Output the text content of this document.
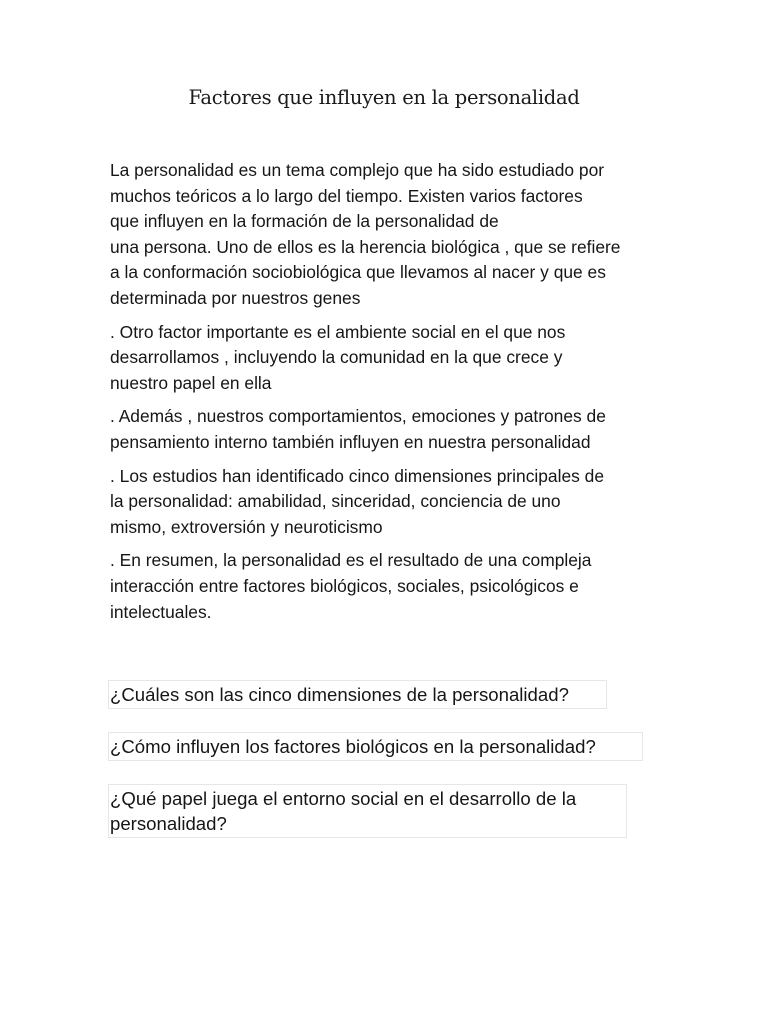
Factores que influyen en la personalidad

La personalidad es un tema complejo que ha sido estudiado por
muchos teóricos a lo largo del tiempo. Existen varios factores
que influyen en la formación de la personalidad de
una persona. Uno de ellos es la herencia biológica , que se refiere
a la conformación sociobiológica que llevamos al nacer y que es
determinada por nuestros genes

. Otro factor importante es el ambiente social en el que nos
desarrollamos , incluyendo la comunidad en la que crece y
nuestro papel en ella

. Además , nuestros comportamientos, emociones y patrones de
pensamiento interno también influyen en nuestra personalidad

. Los estudios han identificado cinco dimensiones principales de
la personalidad: amabilidad, sinceridad, conciencia de uno
mismo, extroversión y neuroticismo

. En resumen, la personalidad es el resultado de una compleja
interacción entre factores biológicos, sociales, psicológicos e
intelectuales.

¿Cuáles son las cinco dimensiones de la personalidad?
¿Cómo influyen los factores biológicos en la personalidad?
¿Qué papel juega el entorno social en el desarrollo de la
personalidad?
